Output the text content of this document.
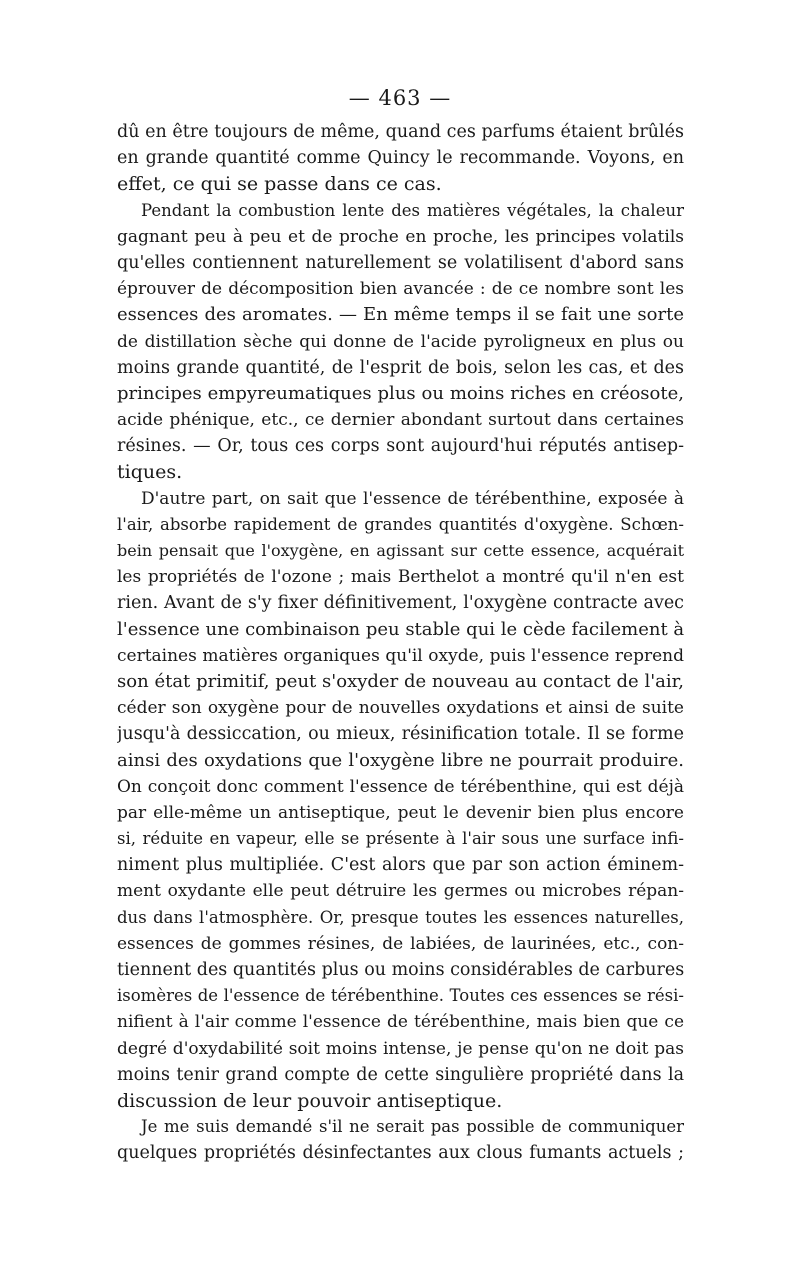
— 463 —
dû en être toujours de même, quand ces parfums étaient brûlés
en grande quantité comme Quincy le recommande. Voyons, en
effet, ce qui se passe dans ce cas.
Pendant la combustion lente des matières végétales, la chaleur
gagnant peu à peu et de proche en proche, les principes volatils
qu'elles contiennent naturellement se volatilisent d'abord sans
éprouver de décomposition bien avancée : de ce nombre sont les
essences des aromates. — En même temps il se fait une sorte
de distillation sèche qui donne de l'acide pyroligneux en plus ou
moins grande quantité, de l'esprit de bois, selon les cas, et des
principes empyreumatiques plus ou moins riches en créosote,
acide phénique, etc., ce dernier abondant surtout dans certaines
résines. — Or, tous ces corps sont aujourd'hui réputés antisep-
tiques.
D'autre part, on sait que l'essence de térébenthine, exposée à
l'air, absorbe rapidement de grandes quantités d'oxygène. Schœn-
bein pensait que l'oxygène, en agissant sur cette essence, acquérait
les propriétés de l'ozone ; mais Berthelot a montré qu'il n'en est
rien. Avant de s'y fixer définitivement, l'oxygène contracte avec
l'essence une combinaison peu stable qui le cède facilement à
certaines matières organiques qu'il oxyde, puis l'essence reprend
son état primitif, peut s'oxyder de nouveau au contact de l'air,
céder son oxygène pour de nouvelles oxydations et ainsi de suite
jusqu'à dessiccation, ou mieux, résinification totale. Il se forme
ainsi des oxydations que l'oxygène libre ne pourrait produire.
On conçoit donc comment l'essence de térébenthine, qui est déjà
par elle-même un antiseptique, peut le devenir bien plus encore
si, réduite en vapeur, elle se présente à l'air sous une surface infi-
niment plus multipliée. C'est alors que par son action éminem-
ment oxydante elle peut détruire les germes ou microbes répan-
dus dans l'atmosphère. Or, presque toutes les essences naturelles,
essences de gommes résines, de labiées, de laurinées, etc., con-
tiennent des quantités plus ou moins considérables de carbures
isomères de l'essence de térébenthine. Toutes ces essences se rési-
nifient à l'air comme l'essence de térébenthine, mais bien que ce
degré d'oxydabilité soit moins intense, je pense qu'on ne doit pas
moins tenir grand compte de cette singulière propriété dans la
discussion de leur pouvoir antiseptique.
Je me suis demandé s'il ne serait pas possible de communiquer
quelques propriétés désinfectantes aux clous fumants actuels ;
